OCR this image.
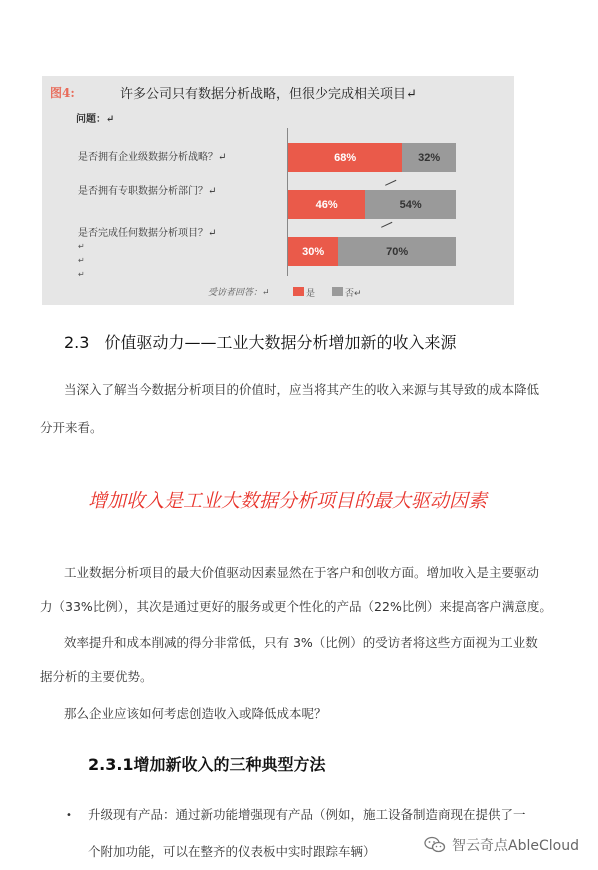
图4:	许多公司只有数据分析战略，但很少完成相关项目↵
问题：↵
是否拥有企业级数据分析战略？↵
是否拥有专职数据分析部门？↵
是否完成任何数据分析项目？↵
↵
↵
↵
68%	32%
46%	54%
30%	70%
受访者回答：↵	是	否↵
2.3 价值驱动力——工业大数据分析增加新的收入来源
当深入了解当今数据分析项目的价值时，应当将其产生的收入来源与其导致的成本降低
分开来看。
增加收入是工业大数据分析项目的最大驱动因素
工业数据分析项目的最大价值驱动因素显然在于客户和创收方面。增加收入是主要驱动
力（33%比例），其次是通过更好的服务或更个性化的产品（22%比例）来提高客户满意度。
效率提升和成本削减的得分非常低，只有 3%（比例）的受访者将这些方面视为工业数
据分析的主要优势。
那么企业应该如何考虑创造收入或降低成本呢？
2.3.1增加新收入的三种典型方法
• 升级现有产品：通过新功能增强现有产品（例如，施工设备制造商现在提供了一
个附加功能，可以在整齐的仪表板中实时跟踪车辆）	智云奇点AbleCloud
